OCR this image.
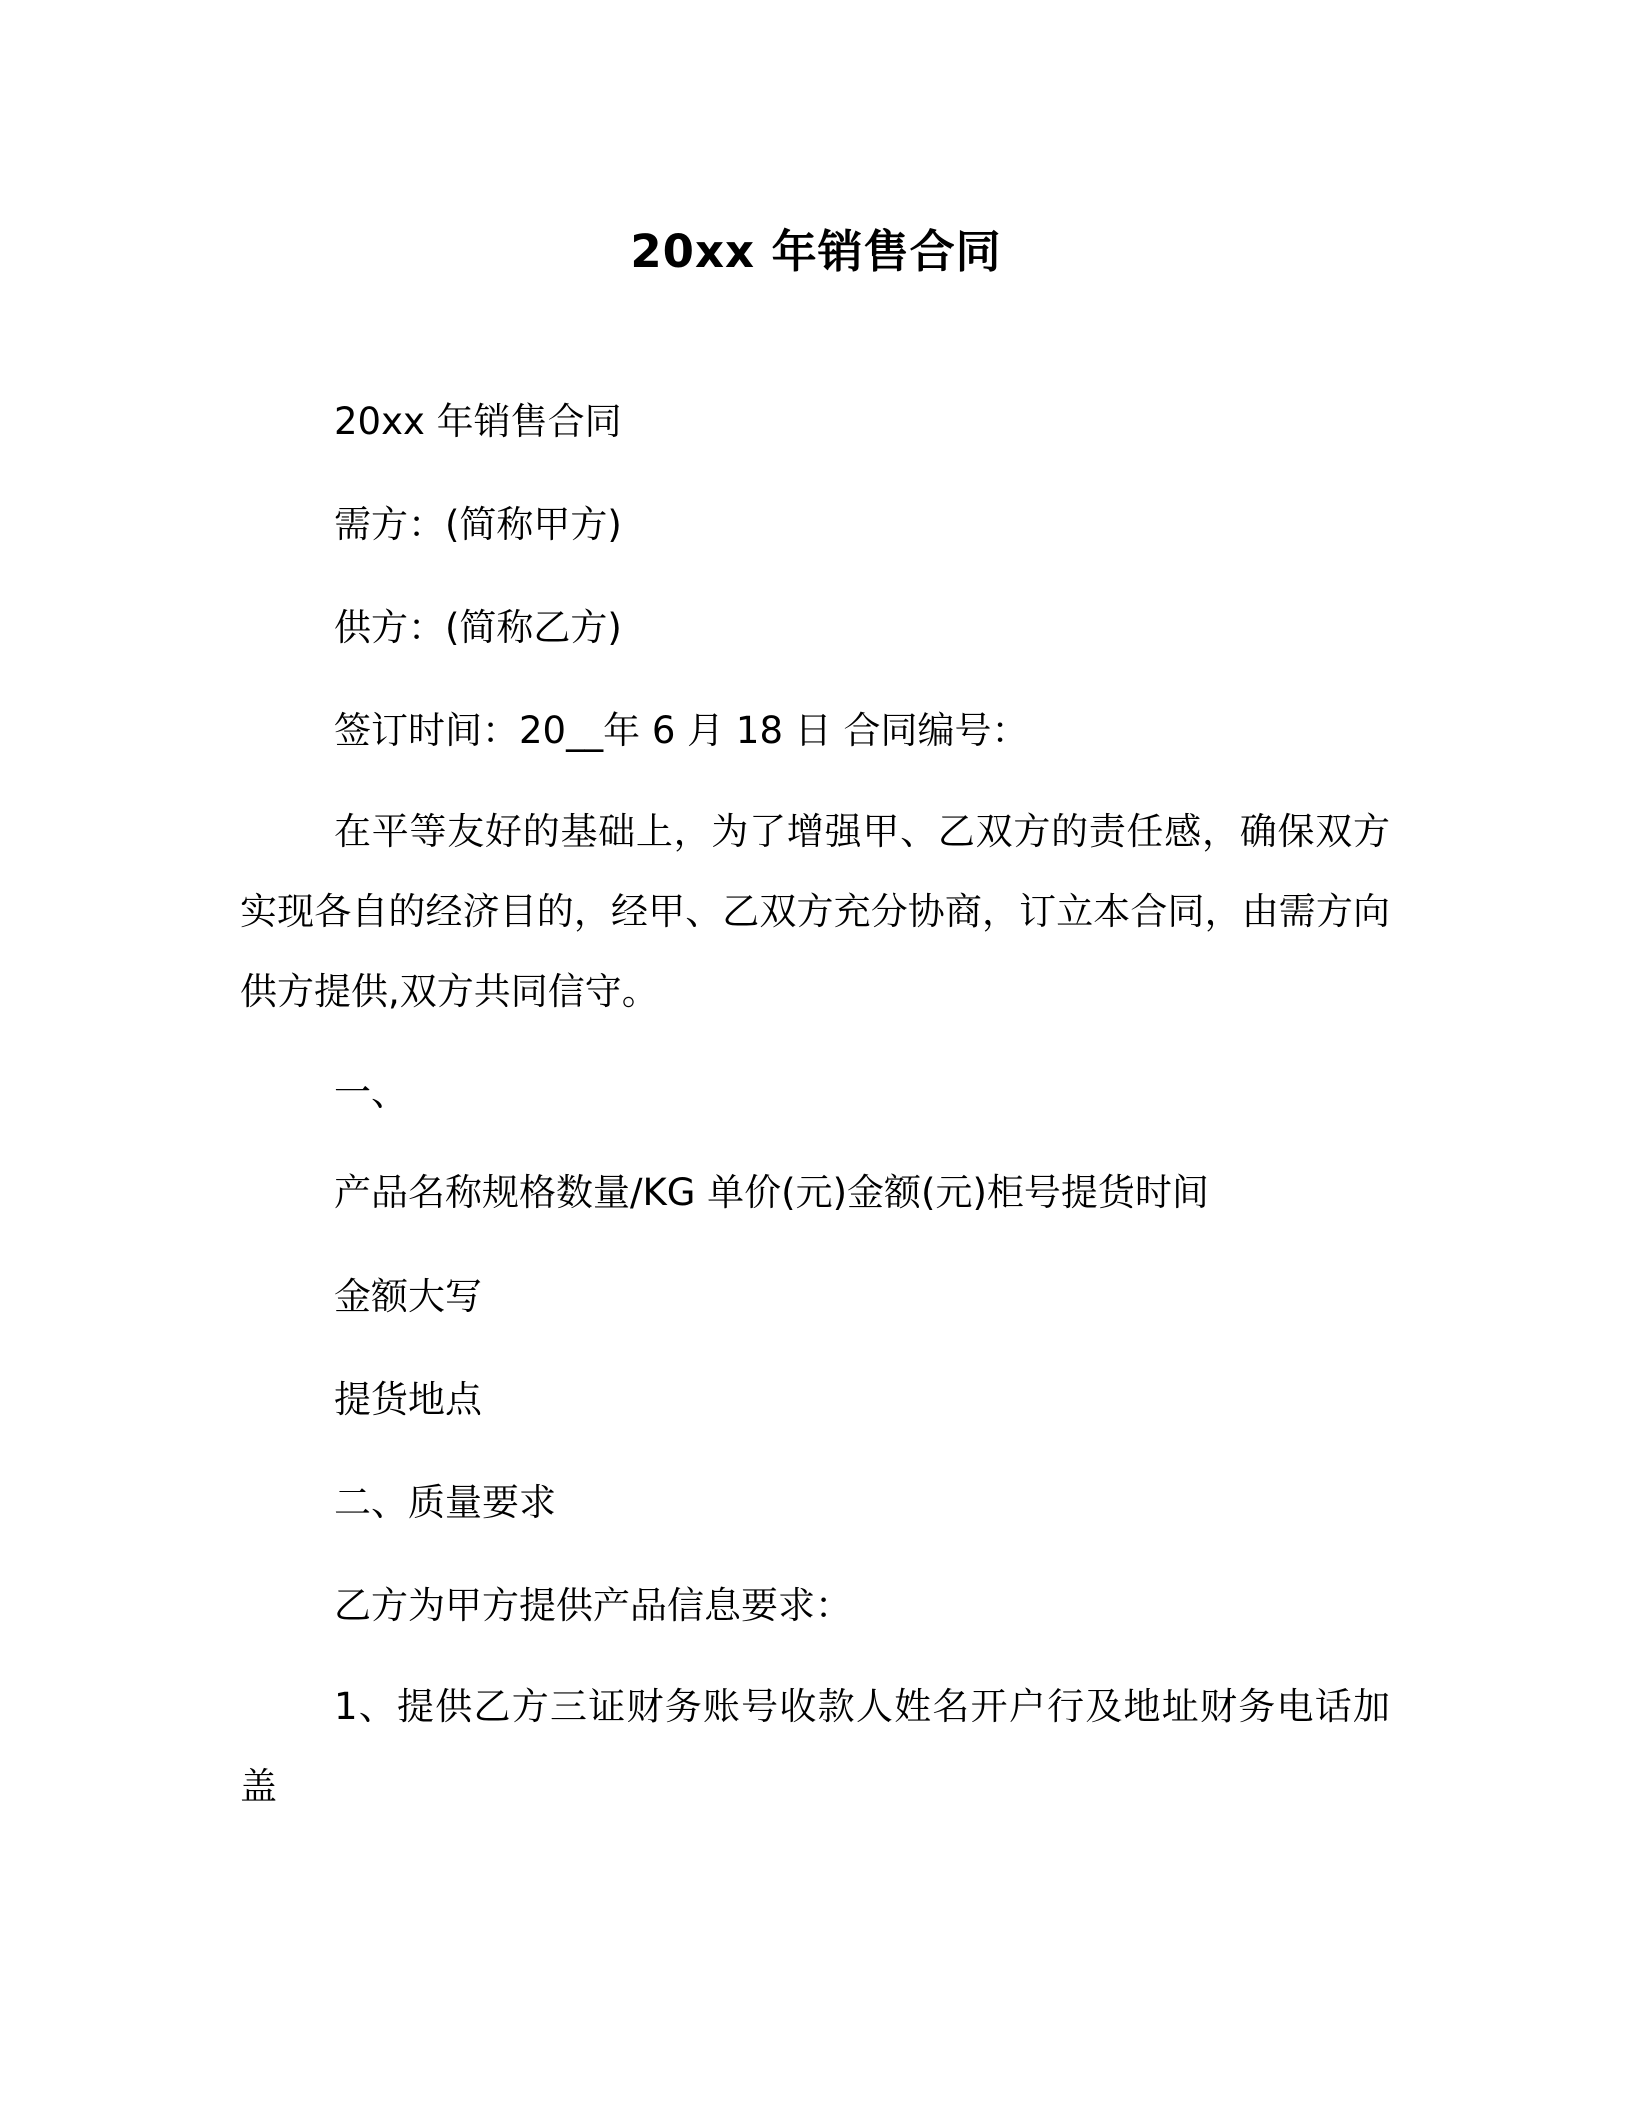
20xx 年销售合同

20xx 年销售合同

需方：(简称甲方)

供方：(简称乙方)

签订时间：20__年 6 月 18 日 合同编号：

在平等友好的基础上，为了增强甲、乙双方的责任感，确保双方实现各自的经济目的，经甲、乙双方充分协商，订立本合同，由需方向供方提供,双方共同信守。

一、

产品名称规格数量/KG 单价(元)金额(元)柜号提货时间

金额大写

提货地点

二、质量要求

乙方为甲方提供产品信息要求：

1、提供乙方三证财务账号收款人姓名开户行及地址财务电话加盖
